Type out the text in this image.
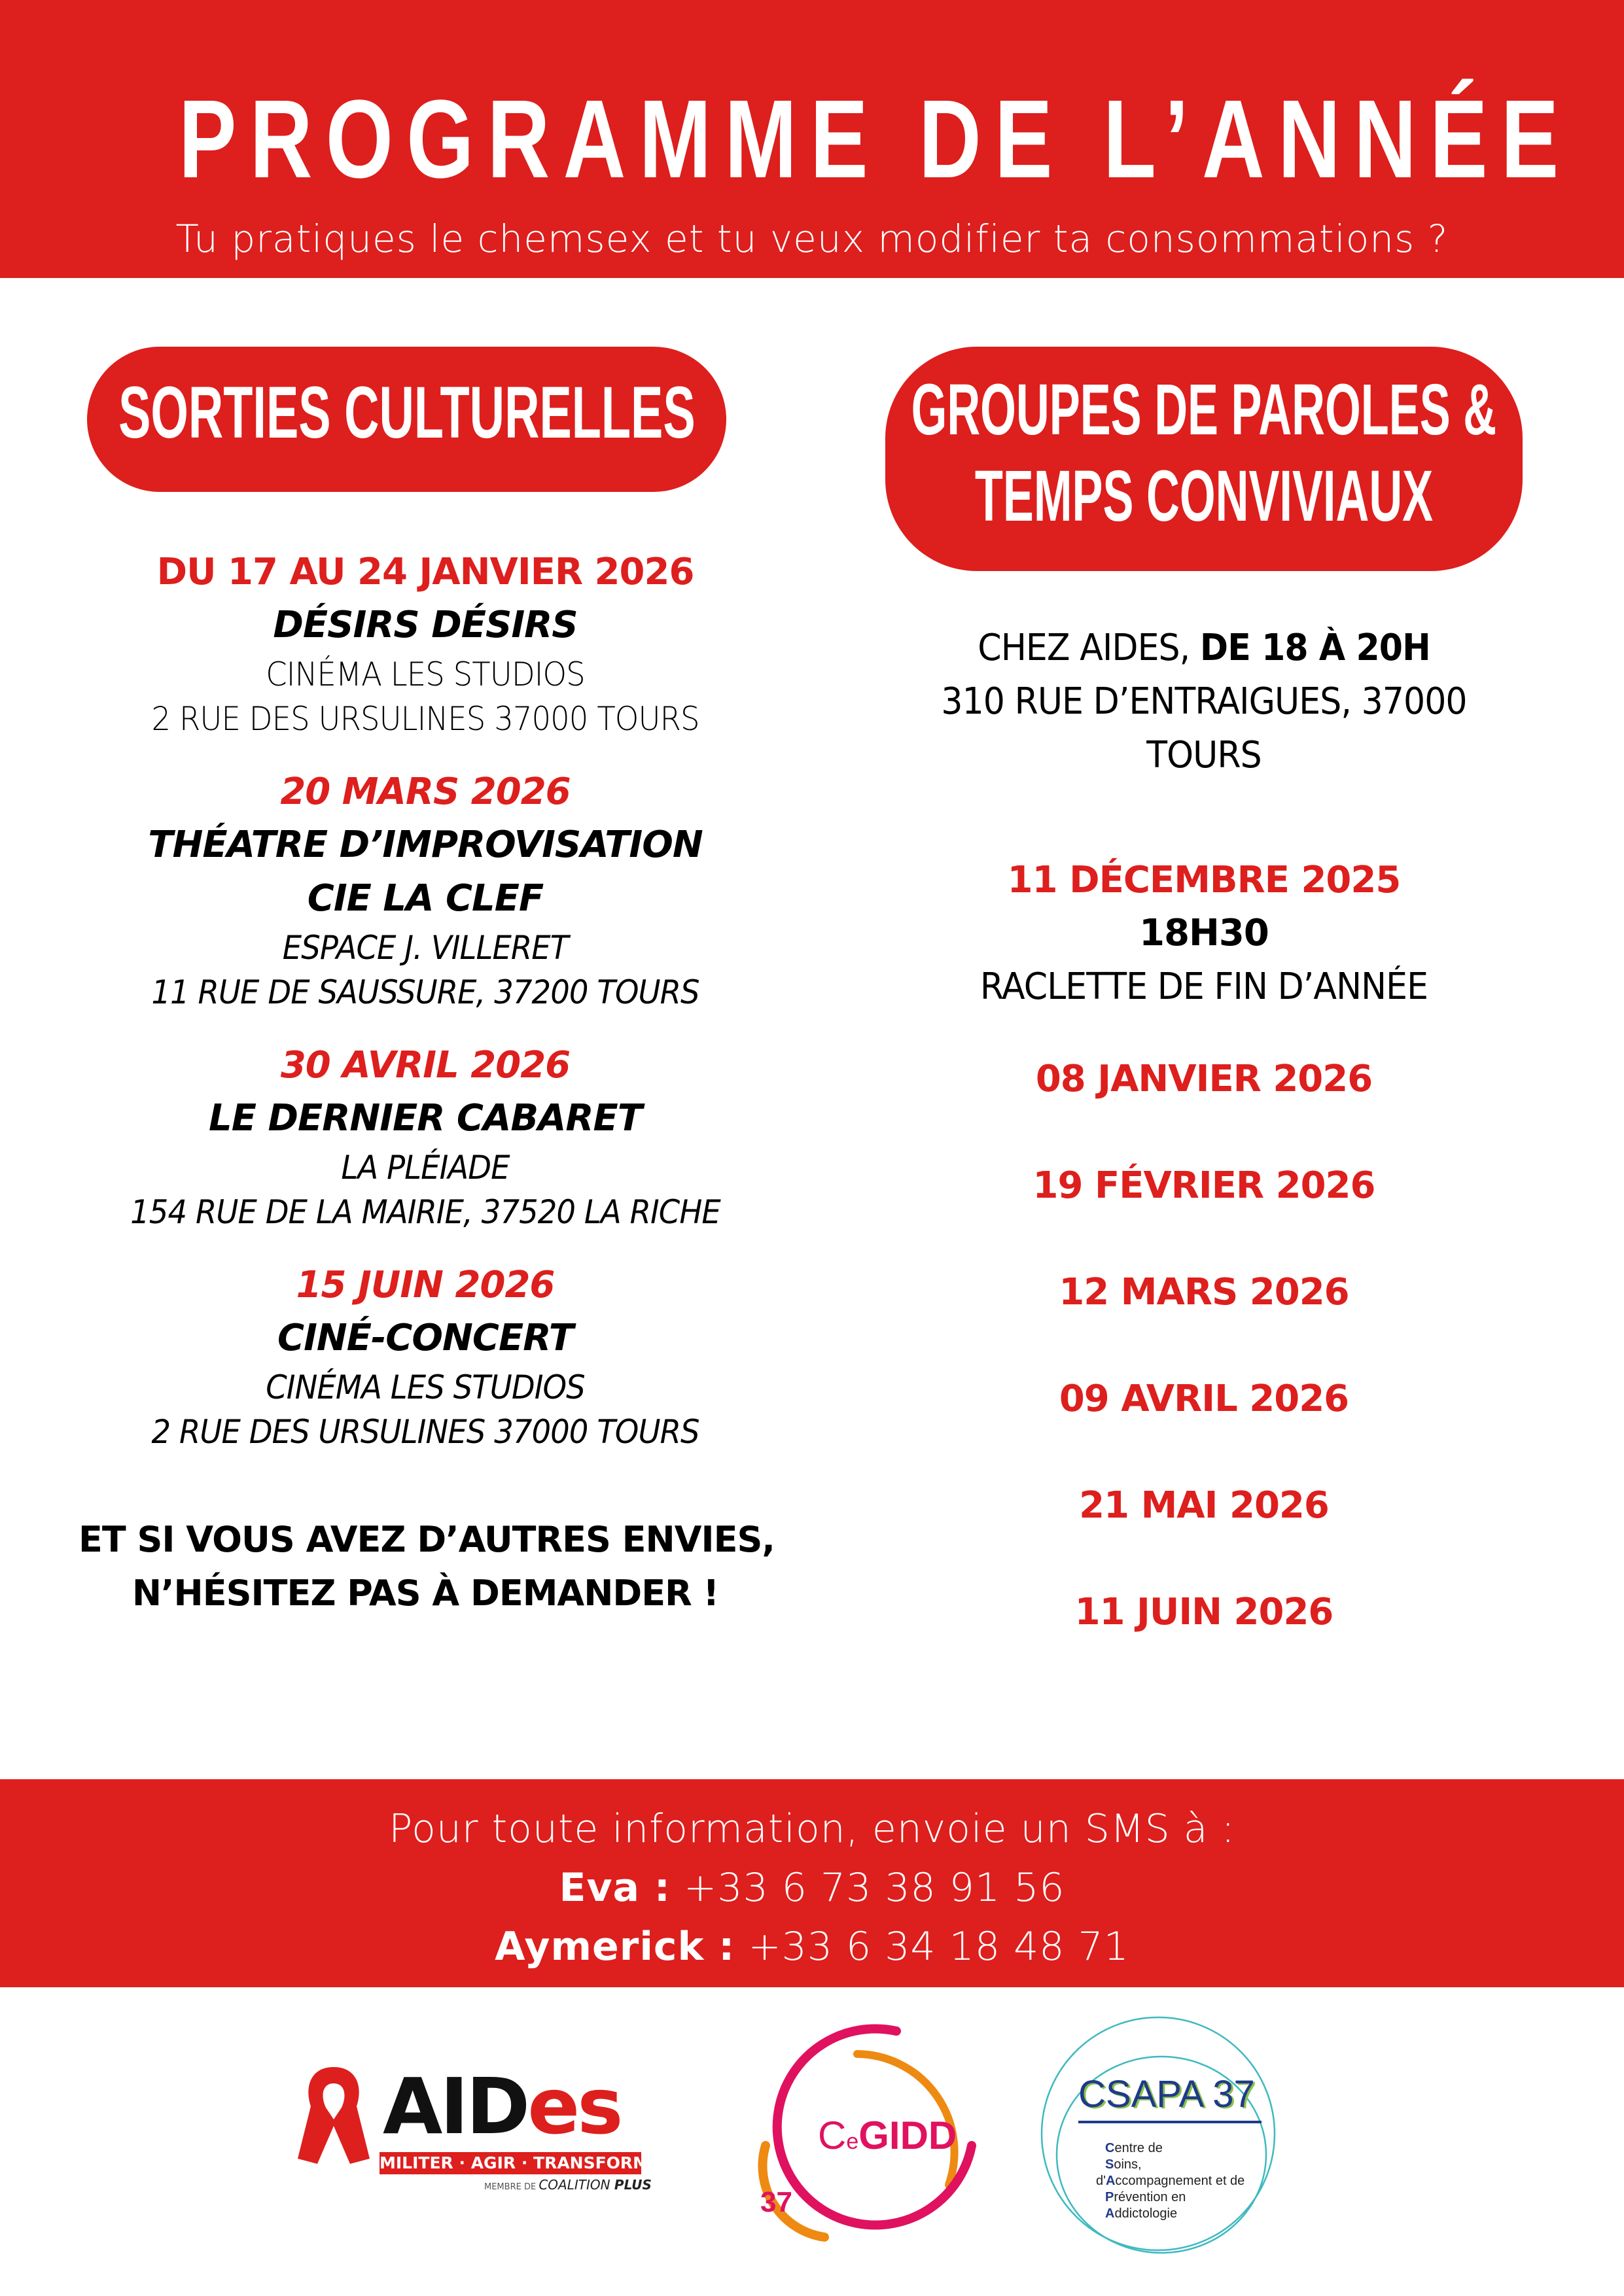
PROGRAMME DE L’ANNÉE
Tu pratiques le chemsex et tu veux modifier ta consommations ?
SORTIES CULTURELLES	GROUPES DE PAROLES &
TEMPS CONVIVIAUX
DU 17 AU 24 JANVIER 2026
DÉSIRS DÉSIRS
CINÉMA LES STUDIOS
2 RUE DES URSULINES 37000 TOURS
20 MARS 2026
THÉATRE D’IMPROVISATION
CIE LA CLEF
ESPACE J. VILLERET
11 RUE DE SAUSSURE, 37200 TOURS
30 AVRIL 2026
LE DERNIER CABARET
LA PLÉIADE
154 RUE DE LA MAIRIE, 37520 LA RICHE
15 JUIN 2026
CINÉ-CONCERT
CINÉMA LES STUDIOS
2 RUE DES URSULINES 37000 TOURS
ET SI VOUS AVEZ D’AUTRES ENVIES,
N’HÉSITEZ PAS À DEMANDER !
CHEZ AIDES, DE 18 À 20H
310 RUE D’ENTRAIGUES, 37000
TOURS
11 DÉCEMBRE 2025
18H30
RACLETTE DE FIN D’ANNÉE
08 JANVIER 2026
19 FÉVRIER 2026
12 MARS 2026
09 AVRIL 2026
21 MAI 2026
11 JUIN 2026
Pour toute information, envoie un SMS à :
Eva : +33 6 73 38 91 56
Aymerick : +33 6 34 18 48 71
AIDes
MILITER · AGIR · TRANSFORMER
MEMBRE DE COALITION PLUS
CeGIDD
37
CSAPA 37
Centre de
Soins,
d'Accompagnement et de
Prévention en
Addictologie
